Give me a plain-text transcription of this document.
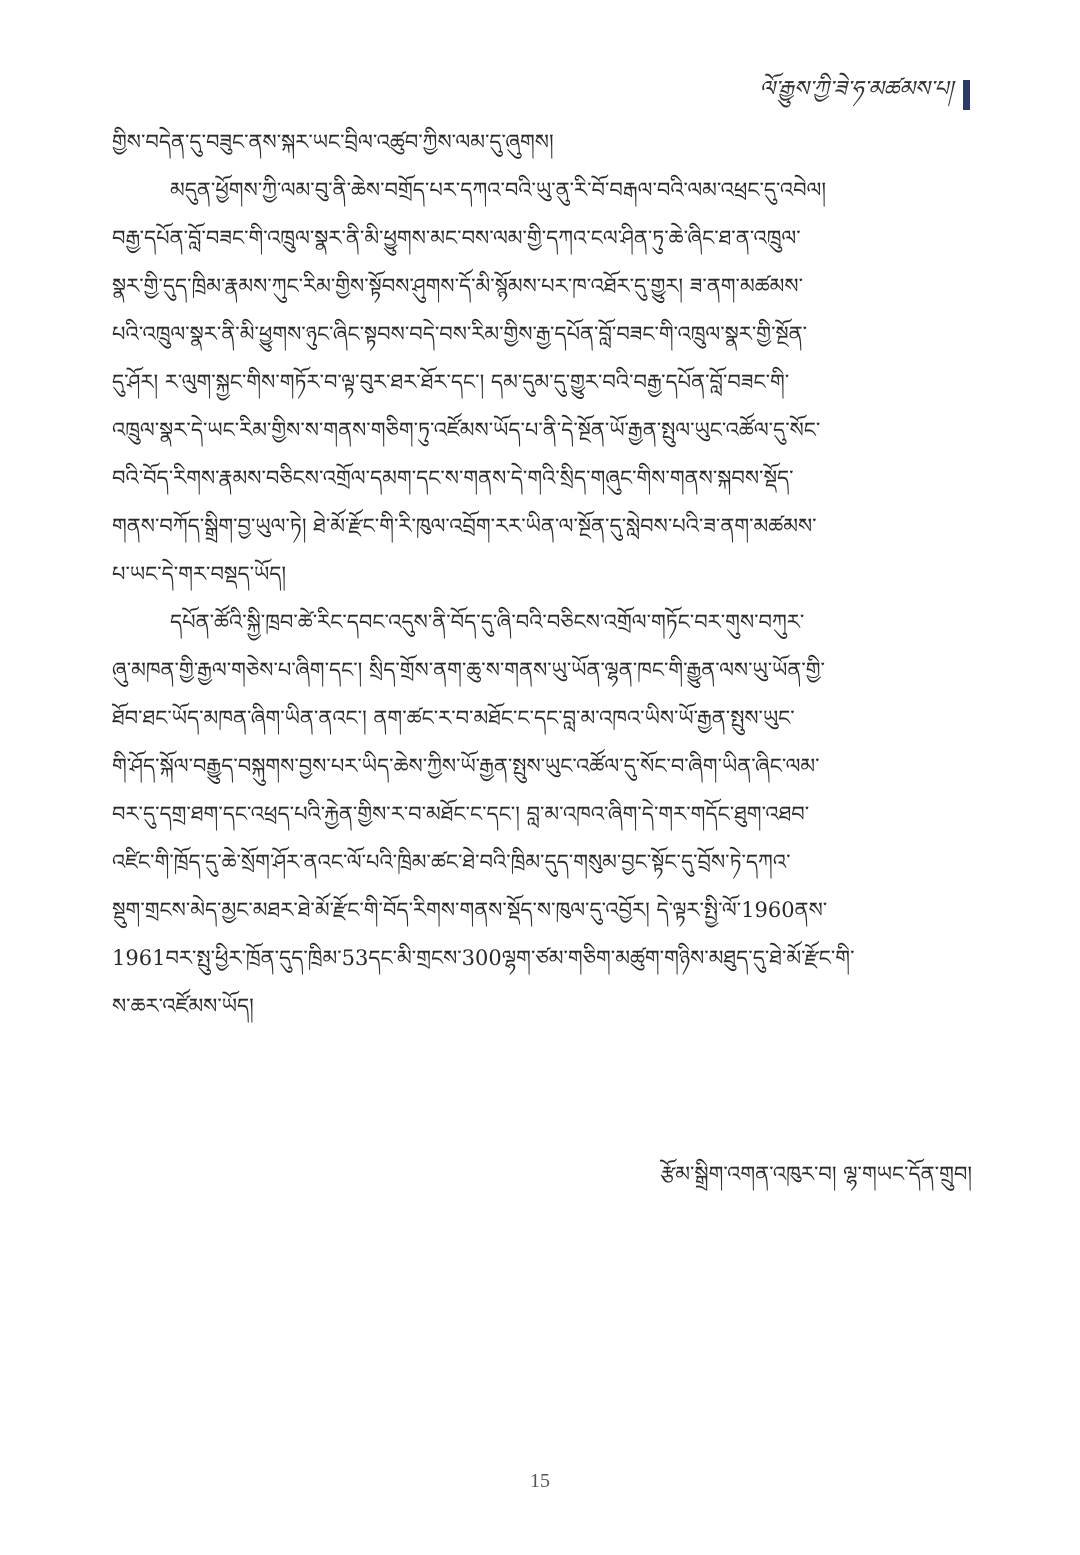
ལོ་རྒྱུས་ཀྱི་ཟེ་ཧ་མཚམས་པ།
གྱིས་བདེན་དུ་བཟུང་ནས་སྐར་ཡང་བྲིལ་འཚུབ་ཀྱིས་ལམ་དུ་ཞུགས།
མདུན་ཕྱོགས་ཀྱི་ལམ་བུ་ནི་ཆེས་བགྲོད་པར་དཀའ་བའི་ཡུ་ནུ་རི་བོ་བརྒལ་བའི་ལམ་འཕྲང་དུ་འབེལ།
བརྒྱ་དཔོན་བློ་བཟང་གི་འཁྲུལ་སྣར་ནི་མི་ཕྱུགས་མང་བས་ལམ་གྱི་དཀའ་ངལ་ཤིན་ཏུ་ཆེ་ཞིང་ཐ་ན་འཁྲུལ་
སྣར་གྱི་དུད་ཁྲིམ་རྣམས་ཀུང་རིམ་གྱིས་སྟོབས་ཤུགས་དོ་མི་སྙོམས་པར་ཁ་འཐོར་དུ་གྱུར། ཟ་ནག་མཚམས་
པའི་འཁྲུལ་སྣར་ནི་མི་ཕྱུགས་ཉུང་ཞིང་སྟབས་བདེ་བས་རིམ་གྱིས་རྒྱ་དཔོན་བློ་བཟང་གི་འཁྲུལ་སྣར་གྱི་སྔོན་
དུ་ཤོར། ར་ལུག་སྐྱང་གིས་གཏོར་བ་ལྟ་བུར་ཐར་ཐོར་དང་། དམ་དུམ་དུ་གྱུར་བའི་བརྒྱ་དཔོན་བློ་བཟང་གི་
འཁྲུལ་སྣར་དེ་ཡང་རིམ་གྱིས་ས་གནས་གཅིག་ཏུ་འཛོམས་ཡོད་པ་ནི་དེ་སྔོན་ཡོ་རྒྱན་སྤུལ་ཡུང་འཚོལ་དུ་སོང་
བའི་བོད་རིགས་རྣམས་བཅིངས་འགྲོལ་དམག་དང་ས་གནས་དེ་གའི་སྲིད་གཞུང་གིས་གནས་སྐབས་སྡོད་
གནས་བཀོད་སྒྲིག་བྱ་ཡུལ་ཏེ། ཐེ་མོ་རྫོང་གི་རི་ཁུལ་འབྲོག་རར་ཡིན་ལ་སྔོན་དུ་སླེབས་པའི་ཟ་ནག་མཚམས་
པ་ཡང་དེ་གར་བསྡད་ཡོད།
དཔོན་ཚོའི་སྐྱི་ཁྲབ་ཚེ་རིང་དབང་འདུས་ནི་བོད་དུ་ཞི་བའི་བཅིངས་འགྲོལ་གཏོང་བར་གུས་བཀུར་
ཞུ་མཁན་གྱི་རྒྱལ་གཅེས་པ་ཞིག་དང་། སྲིད་གྲོས་ནག་ཆུ་ས་གནས་ཡུ་ཡོན་ལྷན་ཁང་གི་རྒྱུན་ལས་ཡུ་ཡོན་གྱི་
ཐོབ་ཐང་ཡོད་མཁན་ཞིག་ཡིན་ནའང་། ནག་ཚང་ར་བ་མཐོང་ང་དང་བླ་མ་འཁའ་ཡིས་ཡོ་རྒྱན་སྤུས་ཡུང་
གི་ཤོད་སྐོལ་བརྒྱུད་བསྐུགས་བྱས་པར་ཡིད་ཆེས་ཀྱིས་ཡོ་རྒྱན་སྤུས་ཡུང་འཚོལ་དུ་སོང་བ་ཞིག་ཡིན་ཞིང་ལམ་
བར་དུ་དགྲ་ཐག་དང་འཕྲད་པའི་རྐྱེན་གྱིས་ར་བ་མཐོང་ང་དང་། བླ་མ་འཁའ་ཞིག་དེ་གར་གདོང་ཐུག་འཐབ་
འཛིང་གི་ཁྲོད་དུ་ཆེ་སྲོག་ཤོར་ནའང་ལོ་པའི་ཁྲིམ་ཚང་ཐེ་བའི་ཁྲིམ་དུད་གསུམ་བྱང་སྟོང་དུ་བྲོས་ཏེ་དཀའ་
སྡུག་གྲངས་མེད་མྱང་མཐར་ཐེ་མོ་རྫོང་གི་བོད་རིགས་གནས་སྡོད་ས་ཁུལ་དུ་འབྱོར། དེ་ལྟར་སྤྱི་ལོ་1960ནས་
1961བར་སྤུ་ཕྱིར་ཁྲོན་དུད་ཁྲིམ་53དང་མི་གྲངས་300ལྷག་ཙམ་གཅིག་མཚུག་གཉིས་མཐུད་དུ་ཐེ་མོ་རྫོང་གི་
ས་ཆར་འཛོམས་ཡོད།
རྩོམ་སྒྲིག་འགན་འཁུར་བ། ལྷ་གཡང་དོན་གྲུབ།
15
